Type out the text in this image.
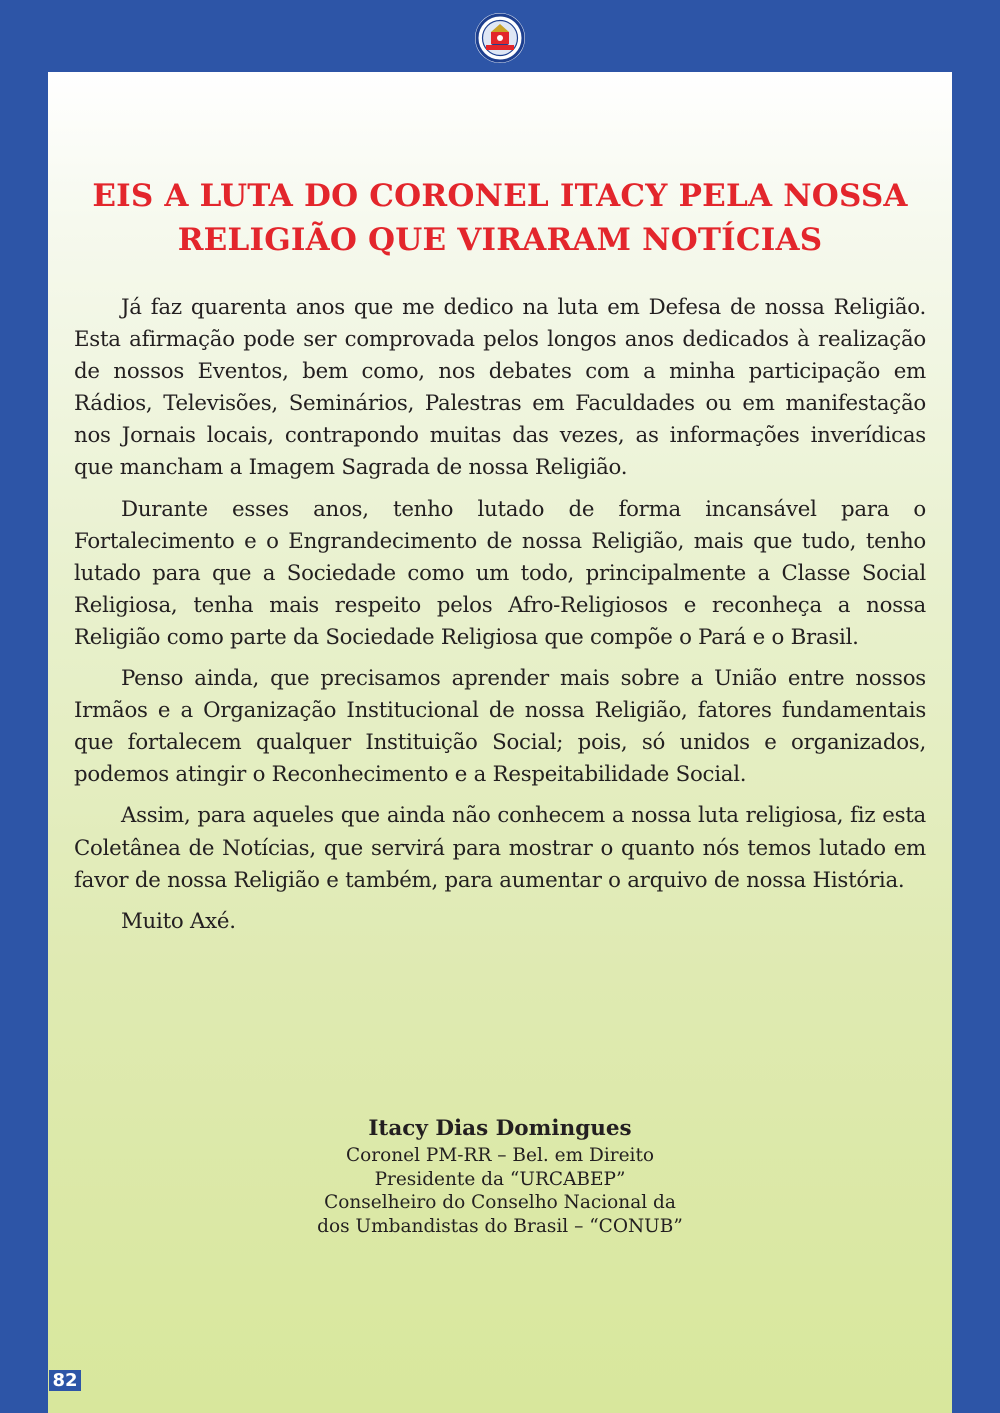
EIS A LUTA DO CORONEL ITACY PELA NOSSA
RELIGIÃO QUE VIRARAM NOTÍCIAS

Já faz quarenta anos que me dedico na luta em Defesa de nossa Religião. Esta afirmação pode ser comprovada pelos longos anos dedicados à realização de nossos Eventos, bem como, nos debates com a minha participação em Rádios, Televisões, Seminários, Palestras em Faculdades ou em manifestação nos Jornais locais, contrapondo muitas das vezes, as informações inverídicas que mancham a Imagem Sagrada de nossa Religião.

Durante esses anos, tenho lutado de forma incansável para o Fortalecimento e o Engrandecimento de nossa Religião, mais que tudo, tenho lutado para que a Sociedade como um todo, principalmente a Classe Social Religiosa, tenha mais respeito pelos Afro-Religiosos e reconheça a nossa Religião como parte da Sociedade Religiosa que compõe o Pará e o Brasil.

Penso ainda, que precisamos aprender mais sobre a União entre nossos Irmãos e a Organização Institucional de nossa Religião, fatores fundamentais que fortalecem qualquer Instituição Social; pois, só unidos e organizados, podemos atingir o Reconhecimento e a Respeitabilidade Social.

Assim, para aqueles que ainda não conhecem a nossa luta religiosa, fiz esta Coletânea de Notícias, que servirá para mostrar o quanto nós temos lutado em favor de nossa Religião e também, para aumentar o arquivo de nossa História.

Muito Axé.

Itacy Dias Domingues
Coronel PM-RR – Bel. em Direito
Presidente da “URCABEP”
Conselheiro do Conselho Nacional da
dos Umbandistas do Brasil – “CONUB”
82
